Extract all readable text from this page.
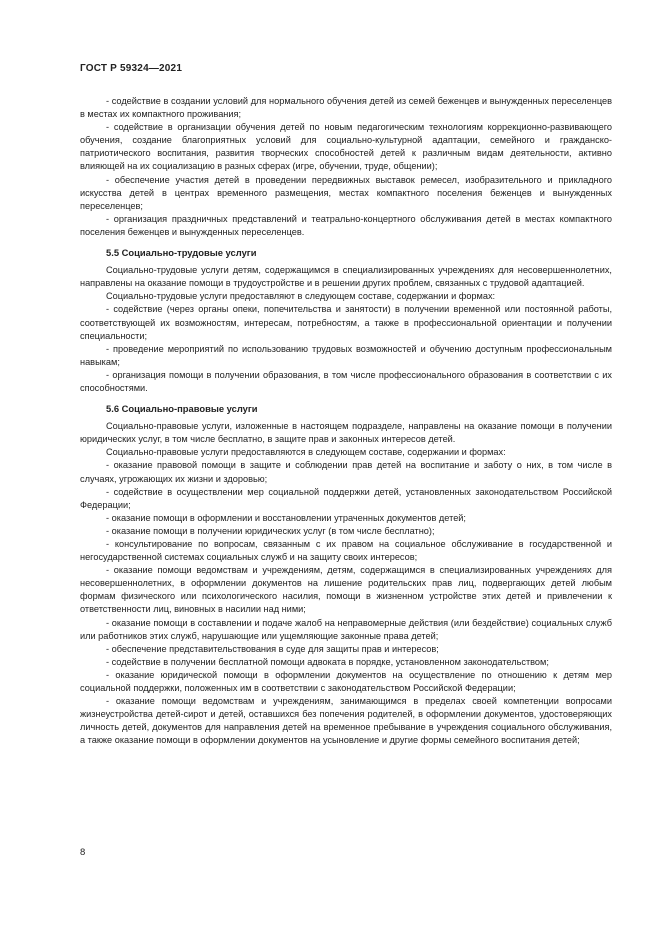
ГОСТ Р 59324—2021

- содействие в создании условий для нормального обучения детей из семей беженцев и вынужденных переселенцев в местах их компактного проживания;

- содействие в организации обучения детей по новым педагогическим технологиям коррекционно-развивающего обучения, создание благоприятных условий для социально-культурной адаптации, семейного и гражданско-патриотического воспитания, развития творческих способностей детей к различным видам деятельности, активно влияющей на их социализацию в разных сферах (игре, обучении, труде, общении);

- обеспечение участия детей в проведении передвижных выставок ремесел, изобразительного и прикладного искусства детей в центрах временного размещения, местах компактного поселения беженцев и вынужденных переселенцев;

- организация праздничных представлений и театрально-концертного обслуживания детей в местах компактного поселения беженцев и вынужденных переселенцев.

5.5 Социально-трудовые услуги

Социально-трудовые услуги детям, содержащимся в специализированных учреждениях для несовершеннолетних, направлены на оказание помощи в трудоустройстве и в решении других проблем, связанных с трудовой адаптацией.

Социально-трудовые услуги предоставляют в следующем составе, содержании и формах:

- содействие (через органы опеки, попечительства и занятости) в получении временной или постоянной работы, соответствующей их возможностям, интересам, потребностям, а также в профессиональной ориентации и получении специальности;

- проведение мероприятий по использованию трудовых возможностей и обучению доступным профессиональным навыкам;

- организация помощи в получении образования, в том числе профессионального образования в соответствии с их способностями.

5.6 Социально-правовые услуги

Социально-правовые услуги, изложенные в настоящем подразделе, направлены на оказание помощи в получении юридических услуг, в том числе бесплатно, в защите прав и законных интересов детей.

Социально-правовые услуги предоставляются в следующем составе, содержании и формах:

- оказание правовой помощи в защите и соблюдении прав детей на воспитание и заботу о них, в том числе в случаях, угрожающих их жизни и здоровью;

- содействие в осуществлении мер социальной поддержки детей, установленных законодательством Российской Федерации;

- оказание помощи в оформлении и восстановлении утраченных документов детей;

- оказание помощи в получении юридических услуг (в том числе бесплатно);

- консультирование по вопросам, связанным с их правом на социальное обслуживание в государственной и негосударственной системах социальных служб и на защиту своих интересов;

- оказание помощи ведомствам и учреждениям, детям, содержащимся в специализированных учреждениях для несовершеннолетних, в оформлении документов на лишение родительских прав лиц, подвергающих детей любым формам физического или психологического насилия, помощи в жизненном устройстве этих детей и привлечении к ответственности лиц, виновных в насилии над ними;

- оказание помощи в составлении и подаче жалоб на неправомерные действия (или бездействие) социальных служб или работников этих служб, нарушающие или ущемляющие законные права детей;

- обеспечение представительствования в суде для защиты прав и интересов;

- содействие в получении бесплатной помощи адвоката в порядке, установленном законодательством;

- оказание юридической помощи в оформлении документов на осуществление по отношению к детям мер социальной поддержки, положенных им в соответствии с законодательством Российской Федерации;

- оказание помощи ведомствам и учреждениям, занимающимся в пределах своей компетенции вопросами жизнеустройства детей-сирот и детей, оставшихся без попечения родителей, в оформлении документов, удостоверяющих личность детей, документов для направления детей на временное пребывание в учреждения социального обслуживания, а также оказание помощи в оформлении документов на усыновление и другие формы семейного воспитания детей;

8
